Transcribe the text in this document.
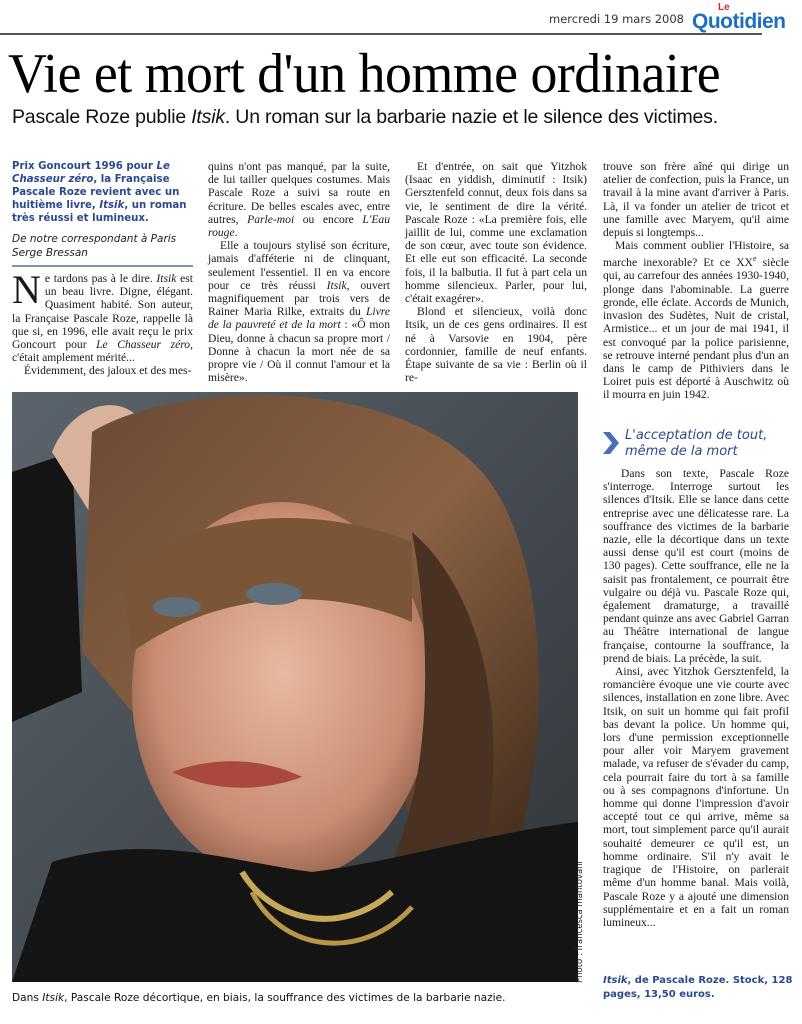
mercredi 19 mars 2008
Le
Quotidien
Vie et mort d'un homme ordinaire
Pascale Roze publie Itsik. Un roman sur la barbarie nazie et le silence des victimes.
Prix Goncourt 1996 pour Le Chasseur zéro, la Française Pascale Roze revient avec un huitième livre, Itsik, un roman très réussi et lumineux.
De notre correspondant à Paris
Serge Bressan

Ne tardons pas à le dire. Itsik est un beau livre. Digne, élégant. Quasiment habité. Son auteur, la Française Pascale Roze, rappelle là que si, en 1996, elle avait reçu le prix Goncourt pour Le Chasseur zéro, c'était amplement mérité...

Évidemment, des jaloux et des mes-

quins n'ont pas manqué, par la suite, de lui tailler quelques costumes. Mais Pascale Roze a suivi sa route en écriture. De belles escales avec, entre autres, Parle-moi ou encore L'Eau rouge.

Elle a toujours stylisé son écriture, jamais d'afféterie ni de clinquant, seulement l'essentiel. Il en va encore pour ce très réussi Itsik, ouvert magnifiquement par trois vers de Rainer Maria Rilke, extraits du Livre de la pauvreté et de la mort : «Ô mon Dieu, donne à chacun sa propre mort / Donne à chacun la mort née de sa propre vie / Où il connut l'amour et la misère».

Et d'entrée, on sait que Yitzhok (Isaac en yiddish, diminutif : Itsik) Gersztenfeld connut, deux fois dans sa vie, le sentiment de dire la vérité. Pascale Roze : «La première fois, elle jaillit de lui, comme une exclamation de son cœur, avec toute son évidence. Et elle eut son efficacité. La seconde fois, il la balbutia. Il fut à part cela un homme silencieux. Parler, pour lui, c'était exagérer».

Blond et silencieux, voilà donc Itsik, un de ces gens ordinaires. Il est né à Varsovie en 1904, père cordonnier, famille de neuf enfants. Étape suivante de sa vie : Berlin où il re-

trouve son frère aîné qui dirige un atelier de confection, puis la France, un travail à la mine avant d'arriver à Paris. Là, il va fonder un atelier de tricot et une famille avec Maryem, qu'il aime depuis si longtemps...

Mais comment oublier l'Histoire, sa marche inexorable? Et ce XXe siècle qui, au carrefour des années 1930-1940, plonge dans l'abominable. La guerre gronde, elle éclate. Accords de Munich, invasion des Sudètes, Nuit de cristal, Armistice... et un jour de mai 1941, il est convoqué par la police parisienne, se retrouve interné pendant plus d'un an dans le camp de Pithiviers dans le Loiret puis est déporté à Auschwitz où il mourra en juin 1942.

L'acceptation de tout,
même de la mort

Dans son texte, Pascale Roze s'interroge. Interroge surtout les silences d'Itsik. Elle se lance dans cette entreprise avec une délicatesse rare. La souffrance des victimes de la barbarie nazie, elle la décortique dans un texte aussi dense qu'il est court (moins de 130 pages). Cette souffrance, elle ne la saisit pas frontalement, ce pourrait être vulgaire ou déjà vu. Pascale Roze qui, également dramaturge, a travaillé pendant quinze ans avec Gabriel Garran au Théâtre international de langue française, contourne la souffrance, la prend de biais. La précède, la suit.

Ainsi, avec Yitzhok Gersztenfeld, la romancière évoque une vie courte avec silences, installation en zone libre. Avec Itsik, on suit un homme qui fait profil bas devant la police. Un homme qui, lors d'une permission exceptionnelle pour aller voir Maryem gravement malade, va refuser de s'évader du camp, cela pourrait faire du tort à sa famille ou à ses compagnons d'infortune. Un homme qui donne l'impression d'avoir accepté tout ce qui arrive, même sa mort, tout simplement parce qu'il aurait souhaité demeurer ce qu'il est, un homme ordinaire. S'il n'y avait le tragique de l'Histoire, on parlerait même d'un homme banal. Mais voilà, Pascale Roze y a ajouté une dimension supplémentaire et en a fait un roman lumineux...

Itsik, de Pascale Roze. Stock, 128 pages, 13,50 euros.
Photo : francesca mantovani
Dans Itsik, Pascale Roze décortique, en biais, la souffrance des victimes de la barbarie nazie.
